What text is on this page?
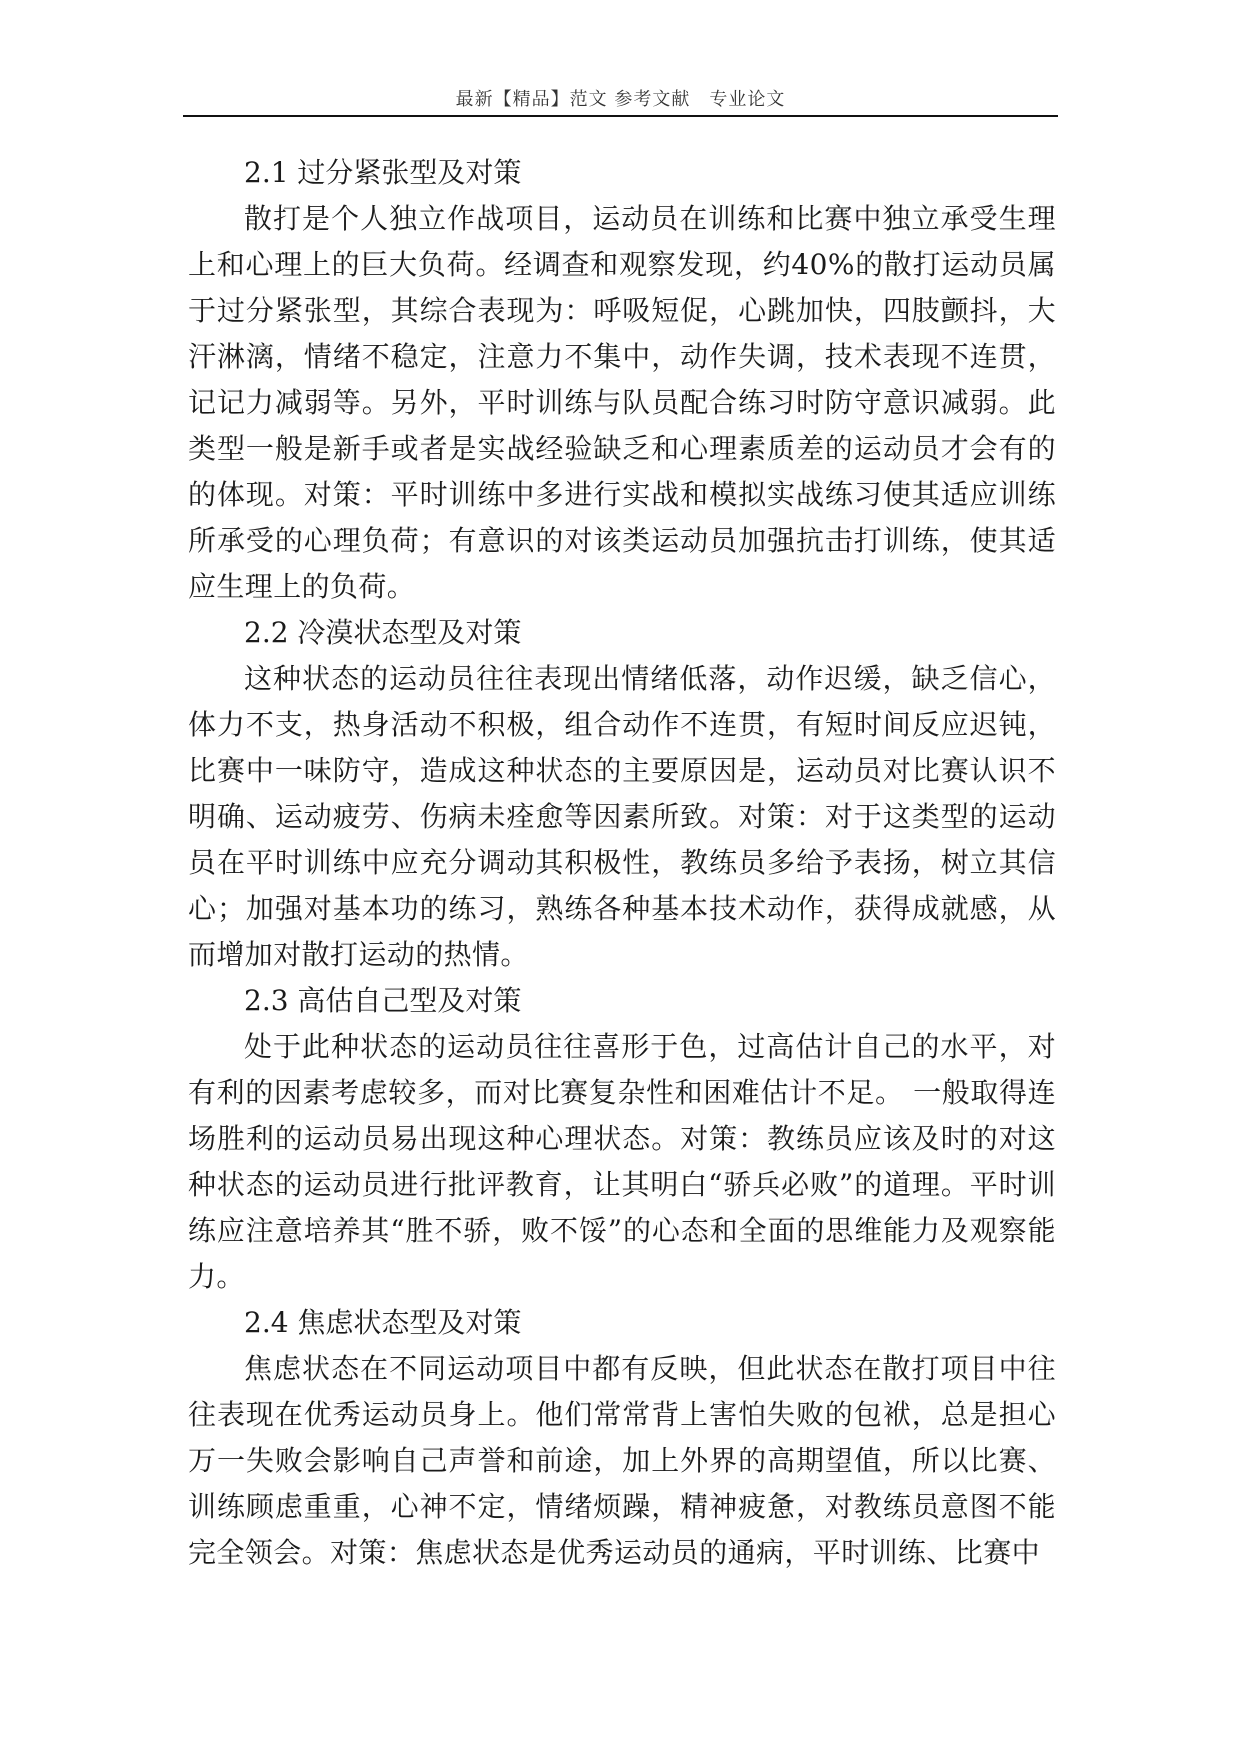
最新【精品】范文 参考文献　专业论文
2.1 过分紧张型及对策

散打是个人独立作战项目，运动员在训练和比赛中独立承受生理上和心理上的巨大负荷。经调查和观察发现，约40%的散打运动员属于过分紧张型，其综合表现为：呼吸短促，心跳加快，四肢颤抖，大汗淋漓，情绪不稳定，注意力不集中，动作失调，技术表现不连贯，记记力减弱等。另外，平时训练与队员配合练习时防守意识减弱。此类型一般是新手或者是实战经验缺乏和心理素质差的运动员才会有的的体现。对策：平时训练中多进行实战和模拟实战练习使其适应训练所承受的心理负荷；有意识的对该类运动员加强抗击打训练，使其适应生理上的负荷。

2.2 冷漠状态型及对策

这种状态的运动员往往表现出情绪低落，动作迟缓，缺乏信心，体力不支，热身活动不积极，组合动作不连贯，有短时间反应迟钝，比赛中一味防守，造成这种状态的主要原因是，运动员对比赛认识不明确、运动疲劳、伤病未痊愈等因素所致。对策：对于这类型的运动员在平时训练中应充分调动其积极性，教练员多给予表扬，树立其信心；加强对基本功的练习，熟练各种基本技术动作，获得成就感，从而增加对散打运动的热情。

2.3 高估自己型及对策

处于此种状态的运动员往往喜形于色，过高估计自己的水平，对有利的因素考虑较多，而对比赛复杂性和困难估计不足。 一般取得连场胜利的运动员易出现这种心理状态。对策：教练员应该及时的对这种状态的运动员进行批评教育，让其明白“骄兵必败”的道理。平时训练应注意培养其“胜不骄，败不馁”的心态和全面的思维能力及观察能力。

2.4 焦虑状态型及对策

焦虑状态在不同运动项目中都有反映，但此状态在散打项目中往往表现在优秀运动员身上。他们常常背上害怕失败的包袱，总是担心万一失败会影响自己声誉和前途，加上外界的高期望值，所以比赛、训练顾虑重重，心神不定，情绪烦躁，精神疲惫，对教练员意图不能完全领会。对策：焦虑状态是优秀运动员的通病，平时训练、比赛中
